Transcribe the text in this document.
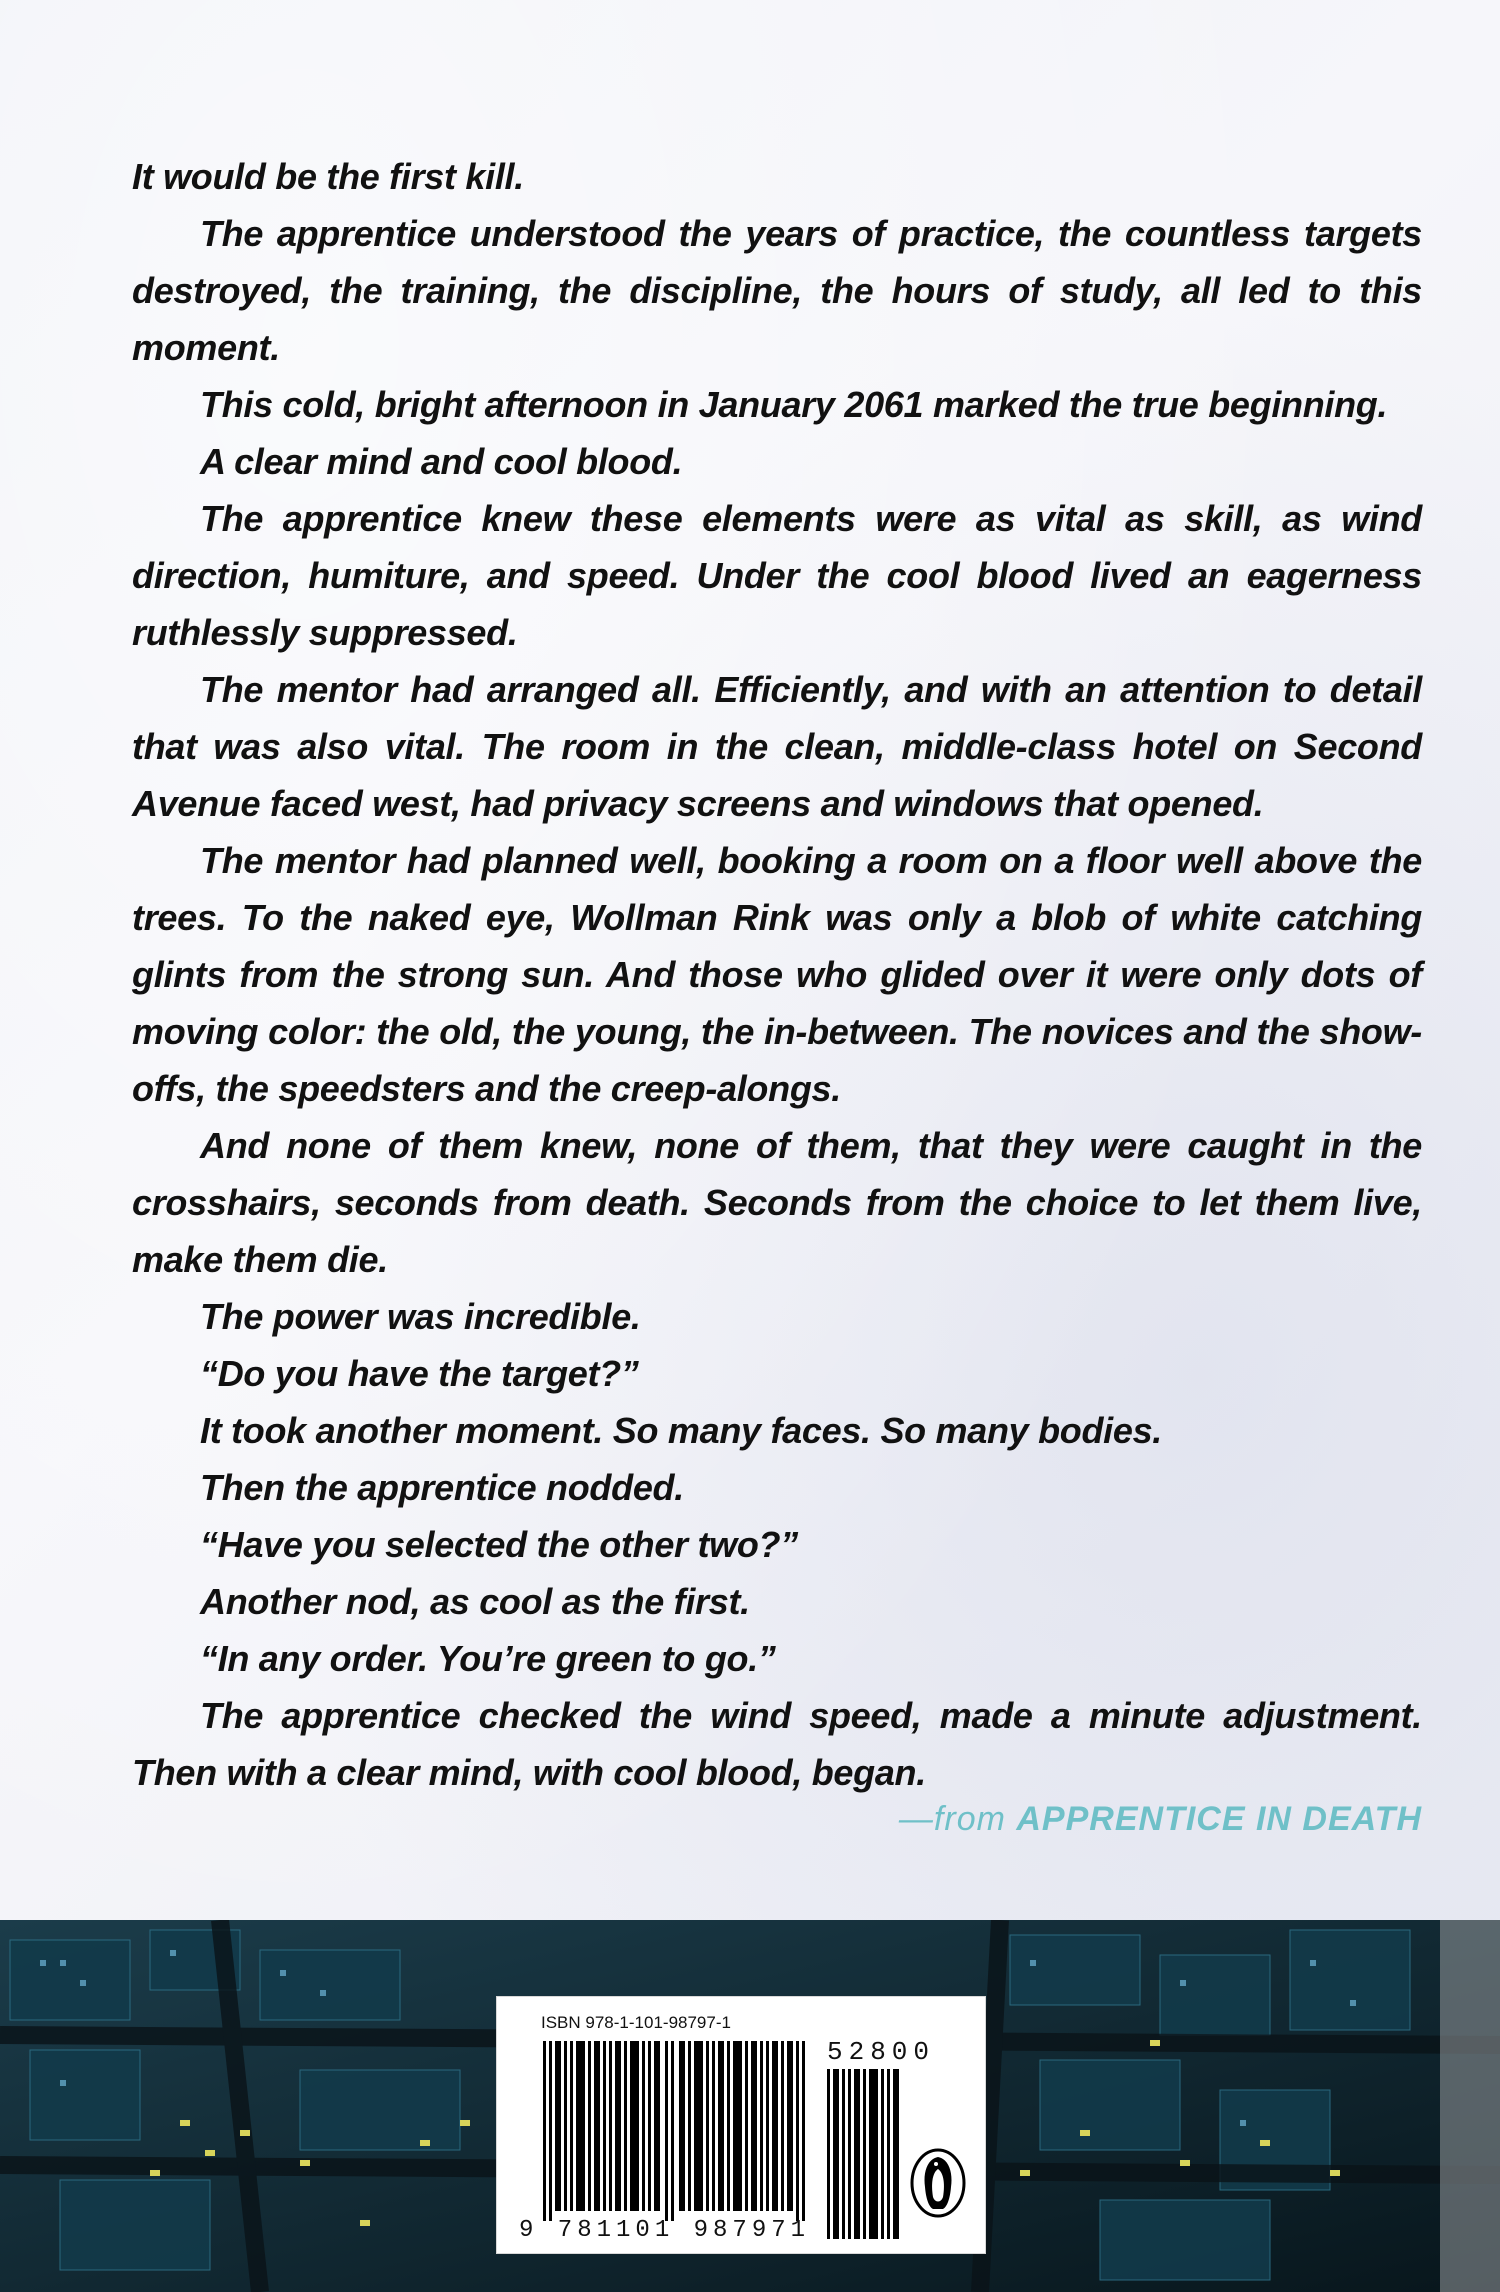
It would be the first kill.

The apprentice understood the years of practice, the countless targets destroyed, the training, the discipline, the hours of study, all led to this moment.

This cold, bright afternoon in January 2061 marked the true beginning.

A clear mind and cool blood.

The apprentice knew these elements were as vital as skill, as wind direction, humiture, and speed. Under the cool blood lived an eagerness ruthlessly suppressed.

The mentor had arranged all. Efficiently, and with an attention to detail that was also vital. The room in the clean, middle-class hotel on Second Avenue faced west, had privacy screens and windows that opened.

The mentor had planned well, booking a room on a floor well above the trees. To the naked eye, Wollman Rink was only a blob of white catching glints from the strong sun. And those who glided over it were only dots of moving color: the old, the young, the in-between. The novices and the show-offs, the speedsters and the creep-alongs.

And none of them knew, none of them, that they were caught in the crosshairs, seconds from death. Seconds from the choice to let them live, make them die.

The power was incredible.

“Do you have the target?”

It took another moment. So many faces. So many bodies.

Then the apprentice nodded.

“Have you selected the other two?”

Another nod, as cool as the first.

“In any order. You’re green to go.”

The apprentice checked the wind speed, made a minute adjustment. Then with a clear mind, with cool blood, began.

—from APPRENTICE IN DEATH
ISBN 978-1-101-98797-1
52800
9 781101 987971
